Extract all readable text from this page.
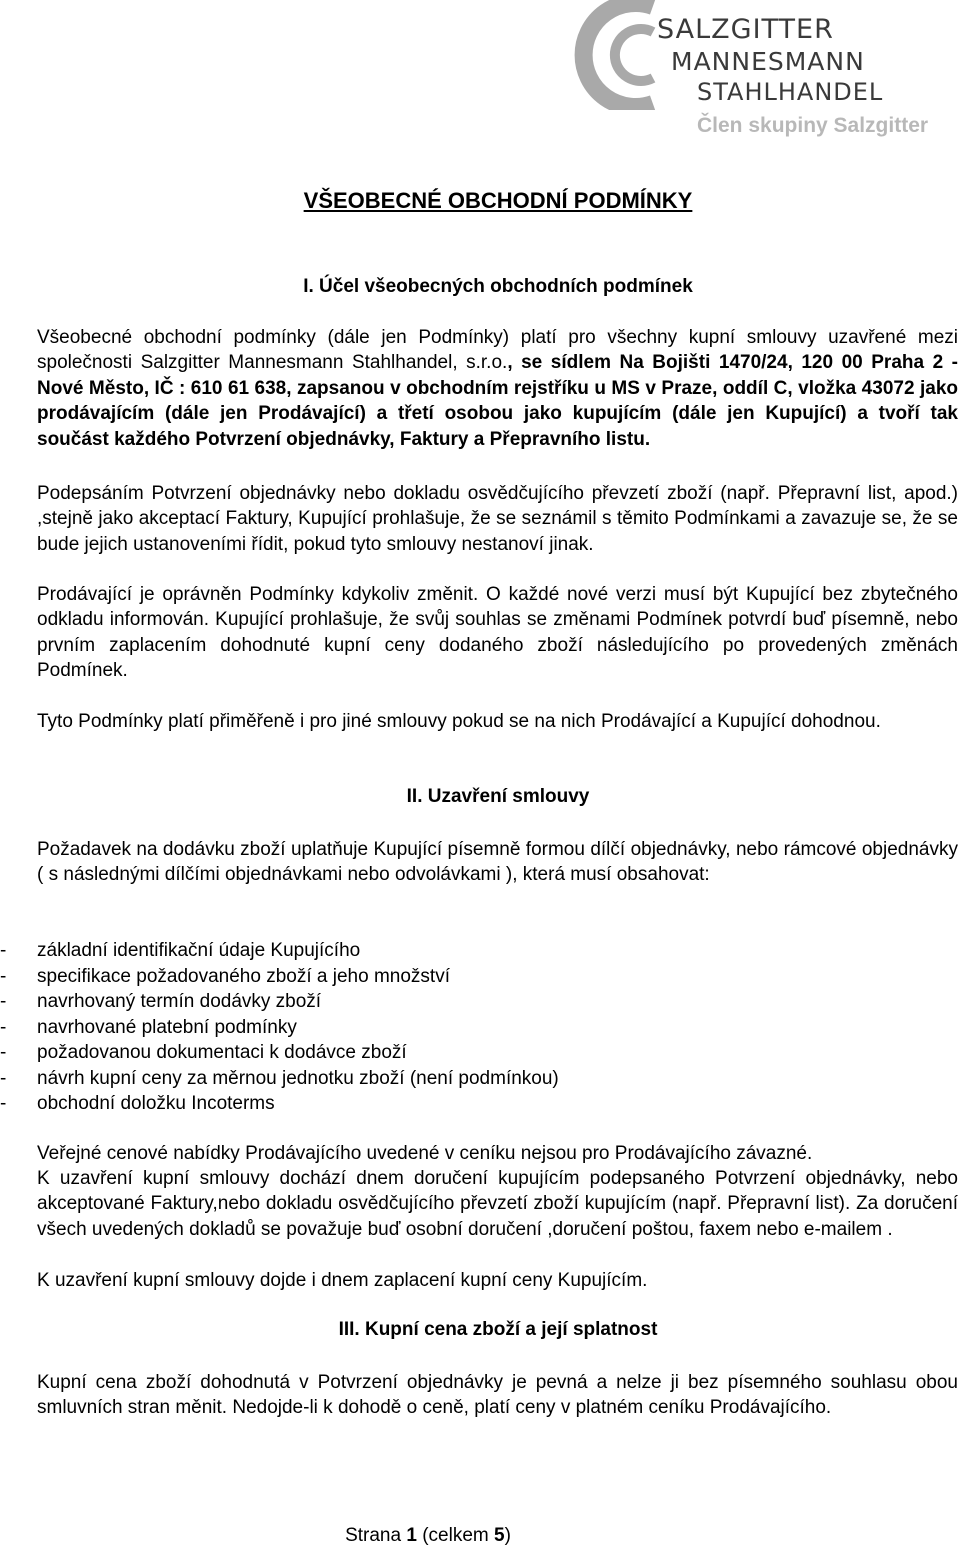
SALZGITTER
MANNESMANN
STAHLHANDEL
Člen skupiny Salzgitter
VŠEOBECNÉ OBCHODNÍ PODMÍNKY
I. Účel všeobecných obchodních podmínek
Všeobecné obchodní podmínky (dále jen Podmínky) platí pro všechny kupní smlouvy uzavřené mezi společnosti Salzgitter Mannesmann Stahlhandel, s.r.o., se sídlem Na Bojišti 1470/24, 120 00 Praha 2 - Nové Město, IČ : 610 61 638, zapsanou v obchodním rejstříku u MS v Praze, oddíl C, vložka 43072 jako prodávajícím (dále jen Prodávající) a třetí osobou jako kupujícím (dále jen Kupující) a tvoří tak součást každého Potvrzení objednávky, Faktury a Přepravního listu.
Podepsáním Potvrzení objednávky nebo dokladu osvědčujícího převzetí zboží (např. Přepravní list, apod.) ,stejně jako akceptací Faktury, Kupující prohlašuje, že se seznámil s těmito Podmínkami a zavazuje se, že se bude jejich ustanoveními řídit, pokud tyto smlouvy nestanoví jinak.
Prodávající je oprávněn Podmínky kdykoliv změnit. O každé nové verzi musí být Kupující bez zbytečného odkladu informován. Kupující prohlašuje, že svůj souhlas se změnami Podmínek potvrdí buď písemně, nebo prvním zaplacením dohodnuté kupní ceny dodaného zboží následujícího po provedených změnách Podmínek.
Tyto Podmínky platí přiměřeně i pro jiné smlouvy pokud se na nich Prodávající a Kupující dohodnou.
II. Uzavření smlouvy
Požadavek na dodávku zboží uplatňuje Kupující písemně formou dílčí objednávky, nebo rámcové objednávky ( s následnými dílčími objednávkami nebo odvolávkami ), která musí obsahovat:
- základní identifikační údaje Kupujícího
- specifikace požadovaného zboží a jeho množství
- navrhovaný termín dodávky zboží
- navrhované platební podmínky
- požadovanou dokumentaci k dodávce zboží
- návrh kupní ceny za měrnou jednotku zboží (není podmínkou)
- obchodní doložku Incoterms
Veřejné cenové nabídky Prodávajícího uvedené v ceníku nejsou pro Prodávajícího závazné.
K uzavření kupní smlouvy dochází dnem doručení kupujícím podepsaného Potvrzení objednávky, nebo akceptované Faktury,nebo dokladu osvědčujícího převzetí zboží kupujícím (např. Přepravní list). Za doručení všech uvedených dokladů se považuje buď osobní doručení ,doručení poštou, faxem nebo e-mailem .
K uzavření kupní smlouvy dojde i dnem zaplacení kupní ceny Kupujícím.
III. Kupní cena zboží a její splatnost
Kupní cena zboží dohodnutá v Potvrzení objednávky je pevná a nelze ji bez písemného souhlasu obou smluvních stran měnit. Nedojde-li k dohodě o ceně, platí ceny v platném ceníku Prodávajícího.
Strana 1 (celkem 5)
